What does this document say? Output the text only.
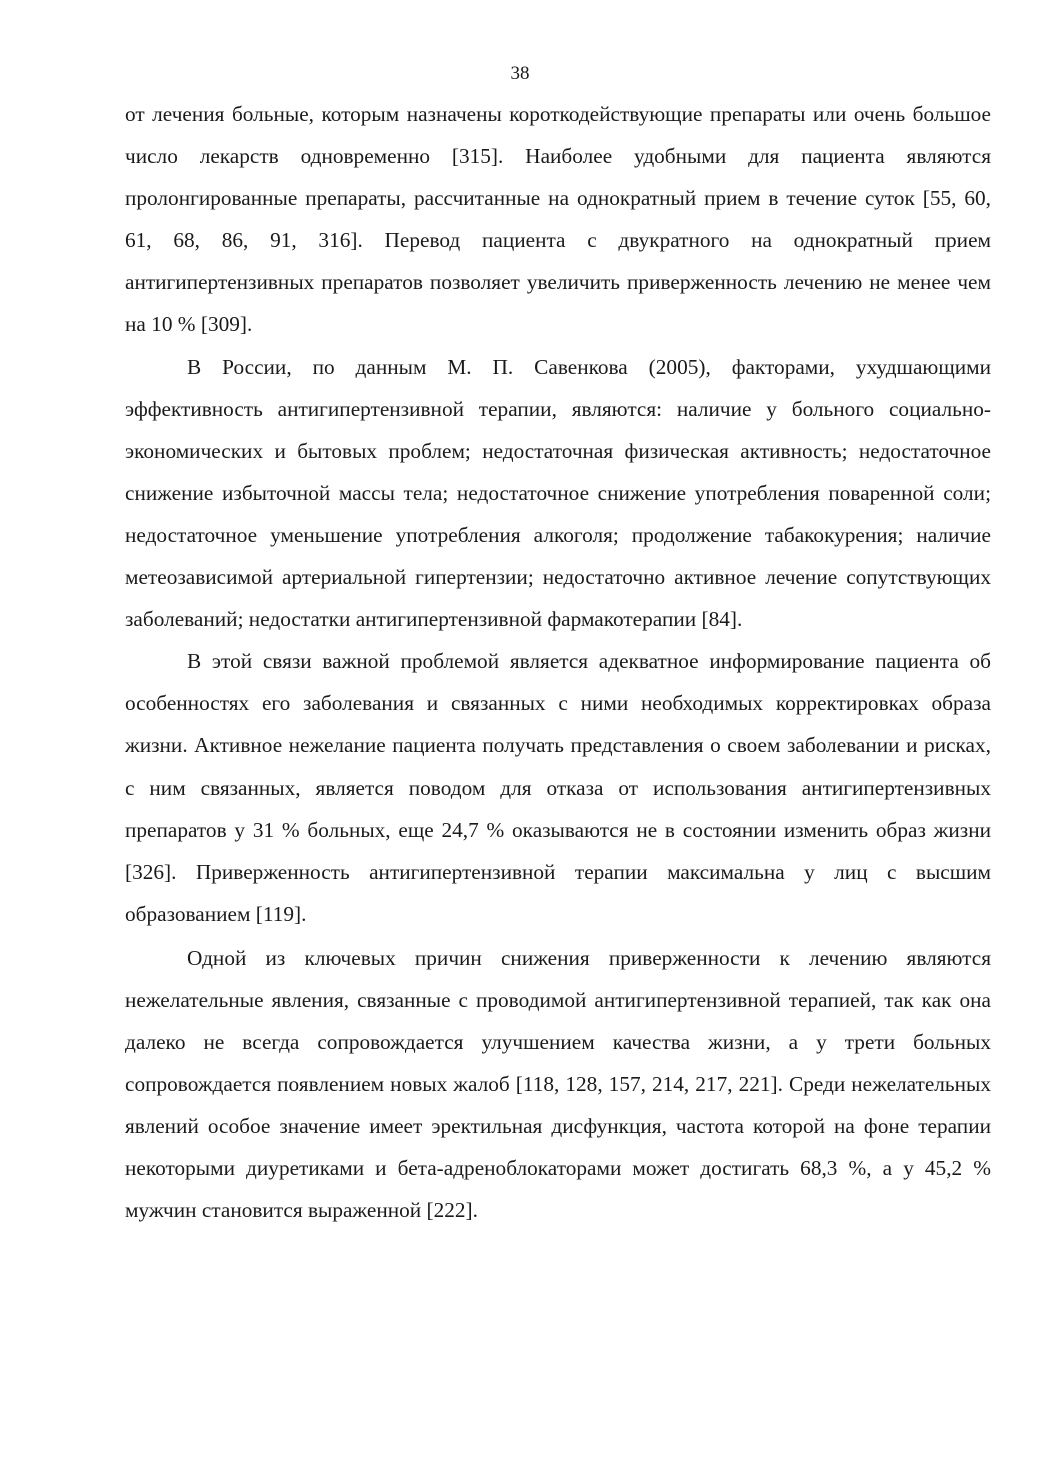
38

от лечения больные, которым назначены короткодействующие препараты или очень большое число лекарств одновременно [315]. Наиболее удобными для пациента являются пролонгированные препараты, рассчитанные на однократный прием в течение суток [55, 60, 61, 68, 86, 91, 316]. Перевод пациента с двукратного на однократный прием антигипертензивных препаратов позволяет увеличить приверженность лечению не менее чем на 10 % [309].

В России, по данным М. П. Савенкова (2005), факторами, ухудшающими эффективность антигипертензивной терапии, являются: наличие у больного социально-экономических и бытовых проблем; недостаточная физическая активность; недостаточное снижение избыточной массы тела; недостаточное снижение употребления поваренной соли; недостаточное уменьшение употребления алкоголя; продолжение табакокурения; наличие метеозависимой артериальной гипертензии; недостаточно активное лечение сопутствующих заболеваний; недостатки антигипертензивной фармакотерапии [84].

В этой связи важной проблемой является адекватное информирование пациента об особенностях его заболевания и связанных с ними необходимых корректировках образа жизни. Активное нежелание пациента получать представления о своем заболевании и рисках, с ним связанных, является поводом для отказа от использования антигипертензивных препаратов у 31 % больных, еще 24,7 % оказываются не в состоянии изменить образ жизни [326]. Приверженность антигипертензивной терапии максимальна у лиц с высшим образованием [119].

Одной из ключевых причин снижения приверженности к лечению являются нежелательные явления, связанные с проводимой антигипертензивной терапией, так как она далеко не всегда сопровождается улучшением качества жизни, а у трети больных сопровождается появлением новых жалоб [118, 128, 157, 214, 217, 221]. Среди нежелательных явлений особое значение имеет эректильная дисфункция, частота которой на фоне терапии некоторыми диуретиками и бета-адреноблокаторами может достигать 68,3 %, а у 45,2 % мужчин становится выраженной [222].
